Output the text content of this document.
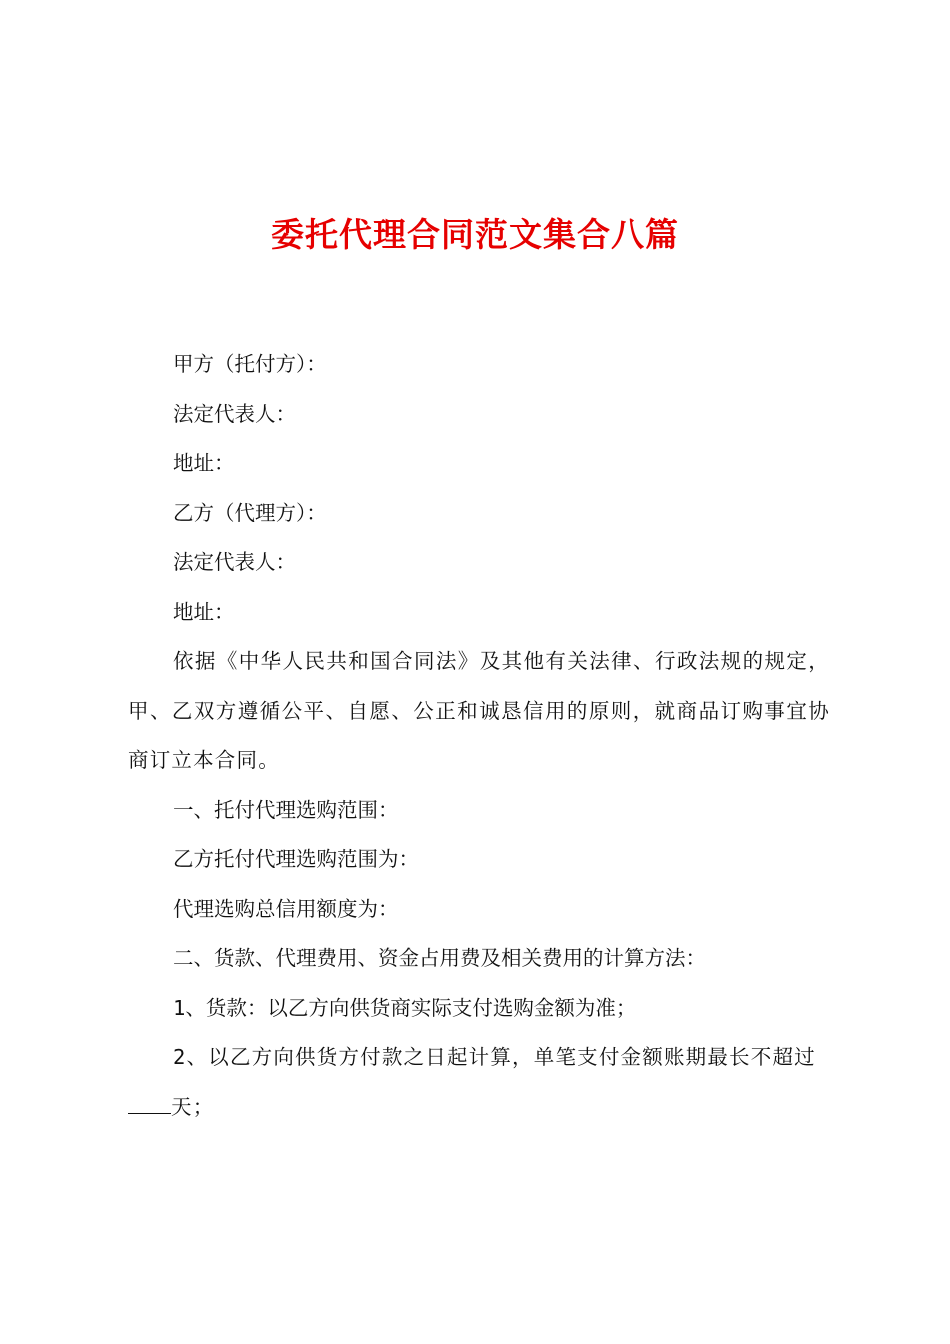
委托代理合同范文集合八篇

甲方（托付方）：

法定代表人：

地址：

乙方（代理方）：

法定代表人：

地址：

依据《中华人民共和国合同法》及其他有关法律、行政法规的规定，甲、乙双方遵循公平、自愿、公正和诚恳信用的原则，就商品订购事宜协商订立本合同。

一、托付代理选购范围：

乙方托付代理选购范围为：

代理选购总信用额度为：

二、货款、代理费用、资金占用费及相关费用的计算方法：

1、货款：以乙方向供货商实际支付选购金额为准；

2、以乙方向供货方付款之日起计算，单笔支付金额账期最长不超过
天；
